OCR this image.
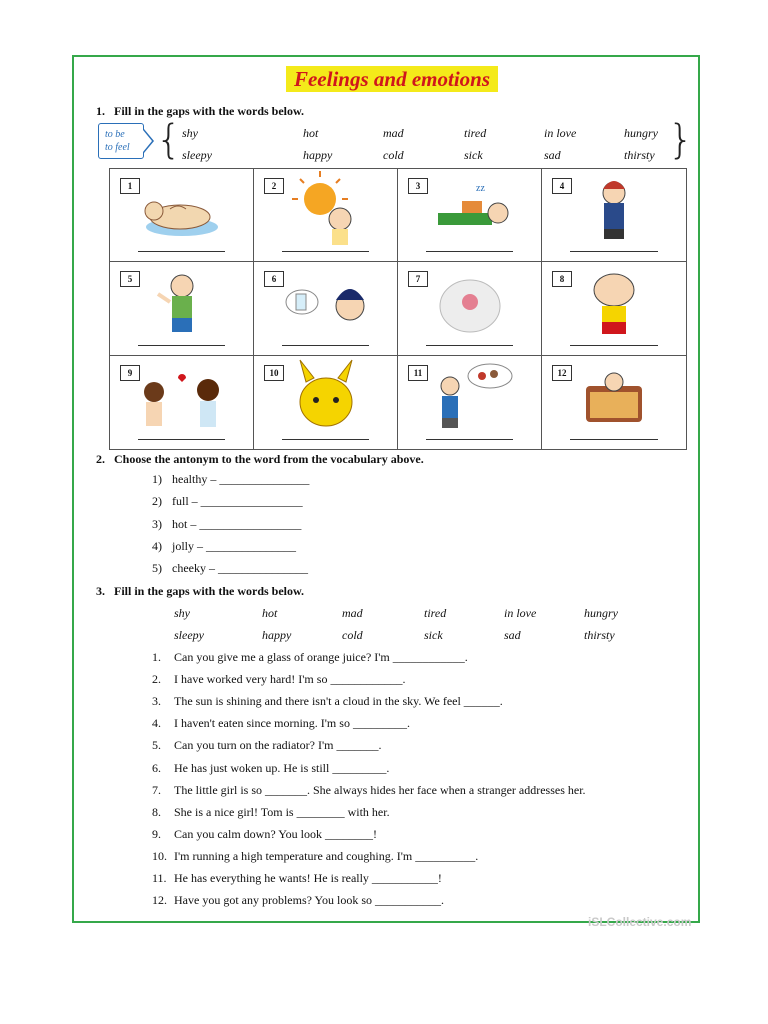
Feelings and emotions
1. Fill in the gaps with the words below.
to be
to feel {	}
shy	hot	mad	tired	in love	hungry
sleepy	happy	cold	sick	sad	thirsty
1	2	3	zz	4
5	6	7	8
9	10	11	12
2. Choose the antonym to the word from the vocabulary above.
1) healthy – _______________
2) full – _________________
3) hot – _________________
4) jolly – _______________
5) cheeky – _______________
3. Fill in the gaps with the words below.
shy	hot	mad	tired	in love	hungry
sleepy	happy	cold	sick	sad	thirsty
1. Can you give me a glass of orange juice? I'm ____________.
2. I have worked very hard! I'm so ____________.
3. The sun is shining and there isn't a cloud in the sky. We feel ______.
4. I haven't eaten since morning. I'm so _________.
5. Can you turn on the radiator? I'm _______.
6. He has just woken up. He is still _________.
7. The little girl is so _______. She always hides her face when a stranger addresses her.
8. She is a nice girl! Tom is ________ with her.
9. Can you calm down? You look ________!
10. I'm running a high temperature and coughing. I'm __________.
11. He has everything he wants! He is really ___________!
12. Have you got any problems? You look so ___________.
iSLCollective.com
